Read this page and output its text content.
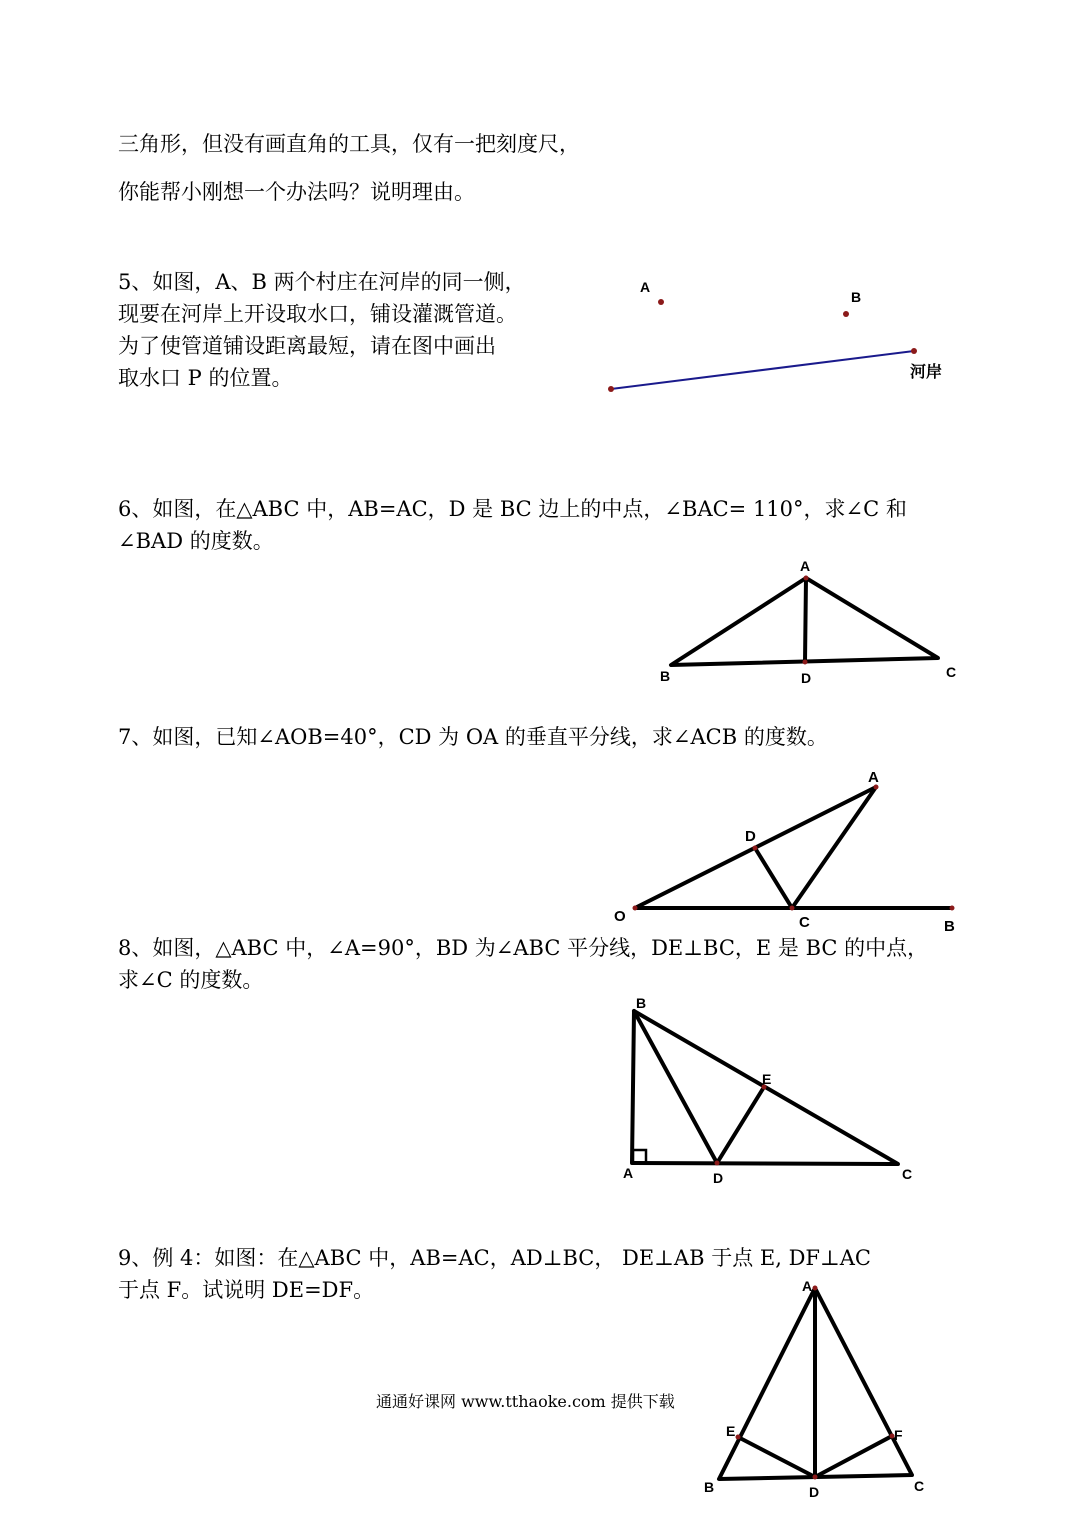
三角形，但没有画直角的工具，仅有一把刻度尺，
你能帮小刚想一个办法吗？说明理由。
5、如图，A、B 两个村庄在河岸的同一侧，
现要在河岸上开设取水口，铺设灌溉管道。
为了使管道铺设距离最短，请在图中画出
取水口 P 的位置。
A
B
河岸
6、如图，在△ABC 中，AB=AC，D 是 BC 边上的中点，∠BAC= 110°，求∠C 和
∠BAD 的度数。
A
B	C
D
7、如图，已知∠AOB=40°，CD 为 OA 的垂直平分线，求∠ACB 的度数。
A
D
C
O
B
8、如图，△ABC 中，∠A=90°，BD 为∠ABC 平分线，DE⊥BC，E 是 BC 的中点，
求∠C 的度数。
B
E
A	D	C
9、例 4：如图：在△ABC 中，AB=AC，AD⊥BC， DE⊥AB 于点 E, DF⊥AC
于点 F。试说明 DE=DF。	A
E	F
B	D	C
通通好课网 www.tthaoke.com 提供下载
